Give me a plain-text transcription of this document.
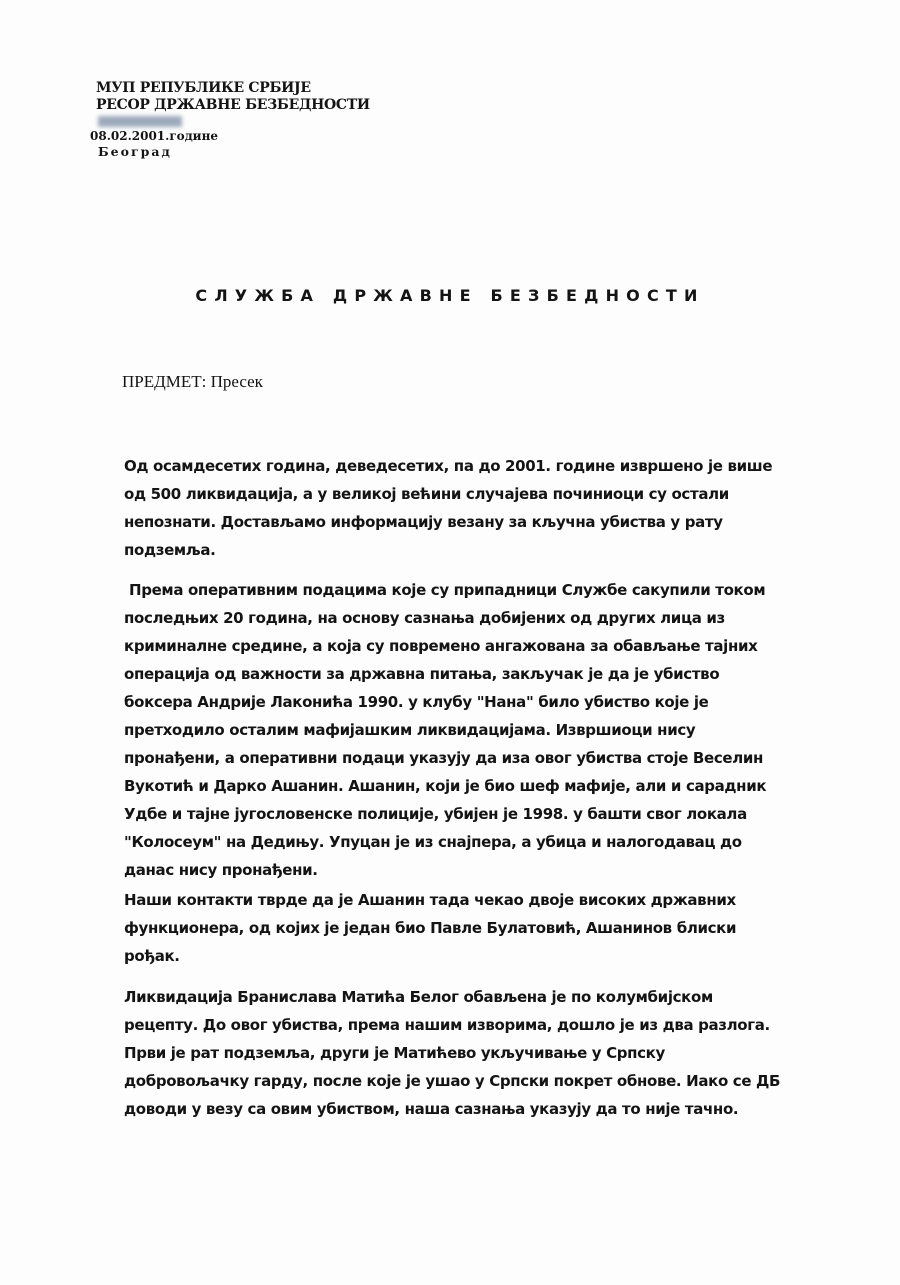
МУП РЕПУБЛИКЕ СРБИЈЕ
РЕСОР ДРЖАВНЕ БЕЗБЕДНОСТИ
08.02.2001.године
Београд
СЛУЖБА ДРЖАВНЕ БЕЗБЕДНОСТИ
ПРЕДМЕТ: Пресек
Од осамдесетих година, деведесетих, па до 2001. године извршено је више
од 500 ликвидација, а у великој већини случајева починиоци су остали
непознати. Достављамо информацију везану за кључна убиства у рату
подземља.
Према оперативним подацима које су припадници Службе сакупили током
последњих 20 година, на основу сазнања добијених од других лица из
криминалне средине, а која су повремено ангажована за обављање тајних
операција од важности за државна питања, закључак је да је убиство
боксера Андрије Лаконића 1990. у клубу "Нана" било убиство које је
претходило осталим мафијашким ликвидацијама. Извршиоци нису
пронађени, а оперативни подаци указују да иза овог убиства стоје Веселин
Вукотић и Дарко Ашанин. Ашанин, који је био шеф мафије, али и сарадник
Удбе и тајне југословенске полиције, убијен је 1998. у башти свог локала
"Колосеум" на Дедињу. Упуцан је из снајпера, а убица и налогодавац до
данас нису пронађени.
Наши контакти тврде да је Ашанин тада чекао двоје високих државних
функционера, од којих је један био Павле Булатовић, Ашанинов блиски
рођак.
Ликвидација Бранислава Матића Белог обављена је по колумбијском
рецепту. До овог убиства, према нашим изворима, дошло је из два разлога.
Први је рат подземља, други је Матићево укључивање у Српску
добровољачку гарду, после које је ушао у Српски покрет обнове. Иако се ДБ
доводи у везу са овим убиством, наша сазнања указују да то није тачно.
